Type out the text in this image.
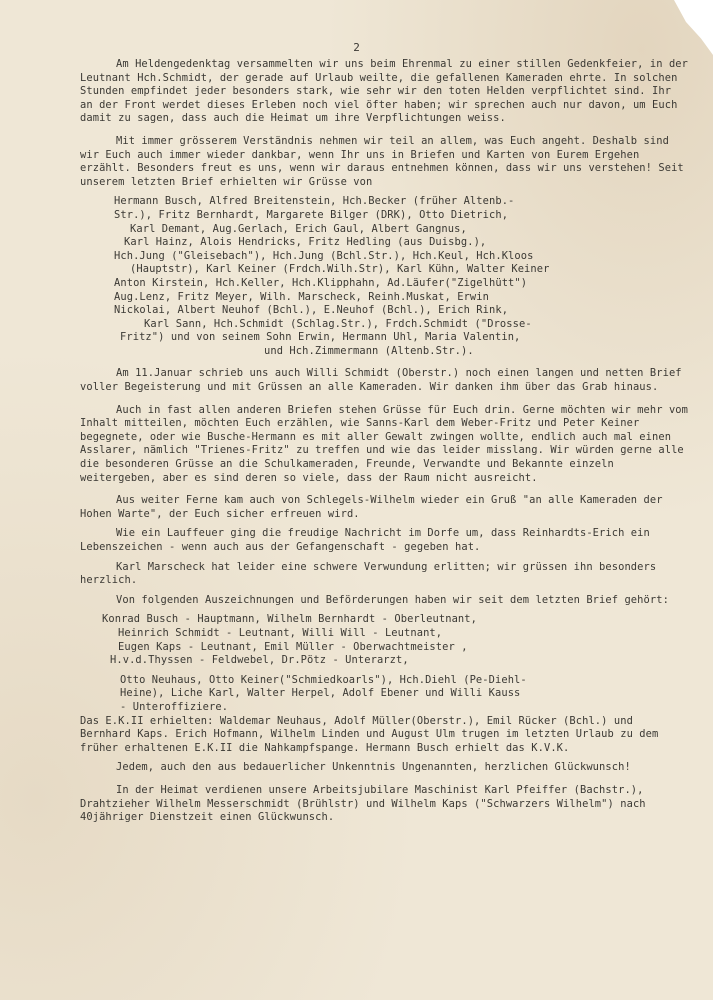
2

Am Heldengedenktag versammelten wir uns beim Ehrenmal zu einer stillen Gedenkfeier, in der Leutnant Hch.Schmidt, der gerade auf Urlaub weilte, die gefallenen Kameraden ehrte. In solchen Stunden empfindet jeder besonders stark, wie sehr wir den toten Helden verpflichtet sind. Ihr an der Front werdet dieses Erleben noch viel öfter haben; wir sprechen auch nur davon, um Euch damit zu sagen, dass auch die Heimat um ihre Verpflichtungen weiss.

Mit immer grösserem Verständnis nehmen wir teil an allem, was Euch angeht. Deshalb sind wir Euch auch immer wieder dankbar, wenn Ihr uns in Briefen und Karten von Eurem Ergehen erzählt. Besonders freut es uns, wenn wir daraus entnehmen können, dass wir uns verstehen! Seit unserem letzten Brief erhielten wir Grüsse von

Hermann Busch, Alfred Breitenstein, Hch.Becker (früher Altenb.-
Str.), Fritz Bernhardt, Margarete Bilger (DRK), Otto Dietrich,
Karl Demant, Aug.Gerlach, Erich Gaul, Albert Gangnus,
Karl Hainz, Alois Hendricks, Fritz Hedling (aus Duisbg.),
Hch.Jung ("Gleisebach"), Hch.Jung (Bchl.Str.), Hch.Keul, Hch.Kloos
(Hauptstr), Karl Keiner (Frdch.Wilh.Str), Karl Kühn, Walter Keiner
Anton Kirstein, Hch.Keller, Hch.Klipphahn, Ad.Läufer("Zigelhütt")
Aug.Lenz, Fritz Meyer, Wilh. Marscheck, Reinh.Muskat, Erwin
Nickolai, Albert Neuhof (Bchl.), E.Neuhof (Bchl.), Erich Rink,
Karl Sann, Hch.Schmidt (Schlag.Str.), Frdch.Schmidt ("Drosse-
Fritz") und von seinem Sohn Erwin, Hermann Uhl, Maria Valentin,
und Hch.Zimmermann (Altenb.Str.).

Am 11.Januar schrieb uns auch Willi Schmidt (Oberstr.) noch einen langen und netten Brief voller Begeisterung und mit Grüssen an alle Kameraden. Wir danken ihm über das Grab hinaus.

Auch in fast allen anderen Briefen stehen Grüsse für Euch drin. Gerne möchten wir mehr vom Inhalt mitteilen, möchten Euch erzählen, wie Sanns-Karl dem Weber-Fritz und Peter Keiner begegnete, oder wie Busche-Hermann es mit aller Gewalt zwingen wollte, endlich auch mal einen Asslarer, nämlich "Trienes-Fritz" zu treffen und wie das leider misslang. Wir würden gerne alle die besonderen Grüsse an die Schulkameraden, Freunde, Verwandte und Bekannte einzeln weitergeben, aber es sind deren so viele, dass der Raum nicht ausreicht.

Aus weiter Ferne kam auch von Schlegels-Wilhelm wieder ein Gruß "an alle Kameraden der Hohen Warte", der Euch sicher erfreuen wird.

Wie ein Lauffeuer ging die freudige Nachricht im Dorfe um, dass Reinhardts-Erich ein Lebenszeichen - wenn auch aus der Gefangenschaft - gegeben hat.

Karl Marscheck hat leider eine schwere Verwundung erlitten; wir grüssen ihn besonders herzlich.

Von folgenden Auszeichnungen und Beförderungen haben wir seit dem letzten Brief gehört:

Konrad Busch - Hauptmann, Wilhelm Bernhardt - Oberleutnant,
Heinrich Schmidt - Leutnant, Willi Will - Leutnant,
Eugen Kaps - Leutnant, Emil Müller - Oberwachtmeister ,
H.v.d.Thyssen - Feldwebel, Dr.Pötz - Unterarzt,
Otto Neuhaus, Otto Keiner("Schmiedkoarls"), Hch.Diehl (Pe-Diehl-
Heine), Liche Karl, Walter Herpel, Adolf Ebener und Willi Kauss
- Unteroffiziere.

Das E.K.II erhielten: Waldemar Neuhaus, Adolf Müller(Oberstr.), Emil Rücker (Bchl.) und Bernhard Kaps. Erich Hofmann, Wilhelm Linden und August Ulm trugen im letzten Urlaub zu dem früher erhaltenen E.K.II die Nahkampfspange. Hermann Busch erhielt das K.V.K.

Jedem, auch den aus bedauerlicher Unkenntnis Ungenannten, herzlichen Glückwunsch!

In der Heimat verdienen unsere Arbeitsjubilare Maschinist Karl Pfeiffer (Bachstr.), Drahtzieher Wilhelm Messerschmidt (Brühlstr) und Wilhelm Kaps ("Schwarzers Wilhelm") nach 40jähriger Dienstzeit einen Glückwunsch.
